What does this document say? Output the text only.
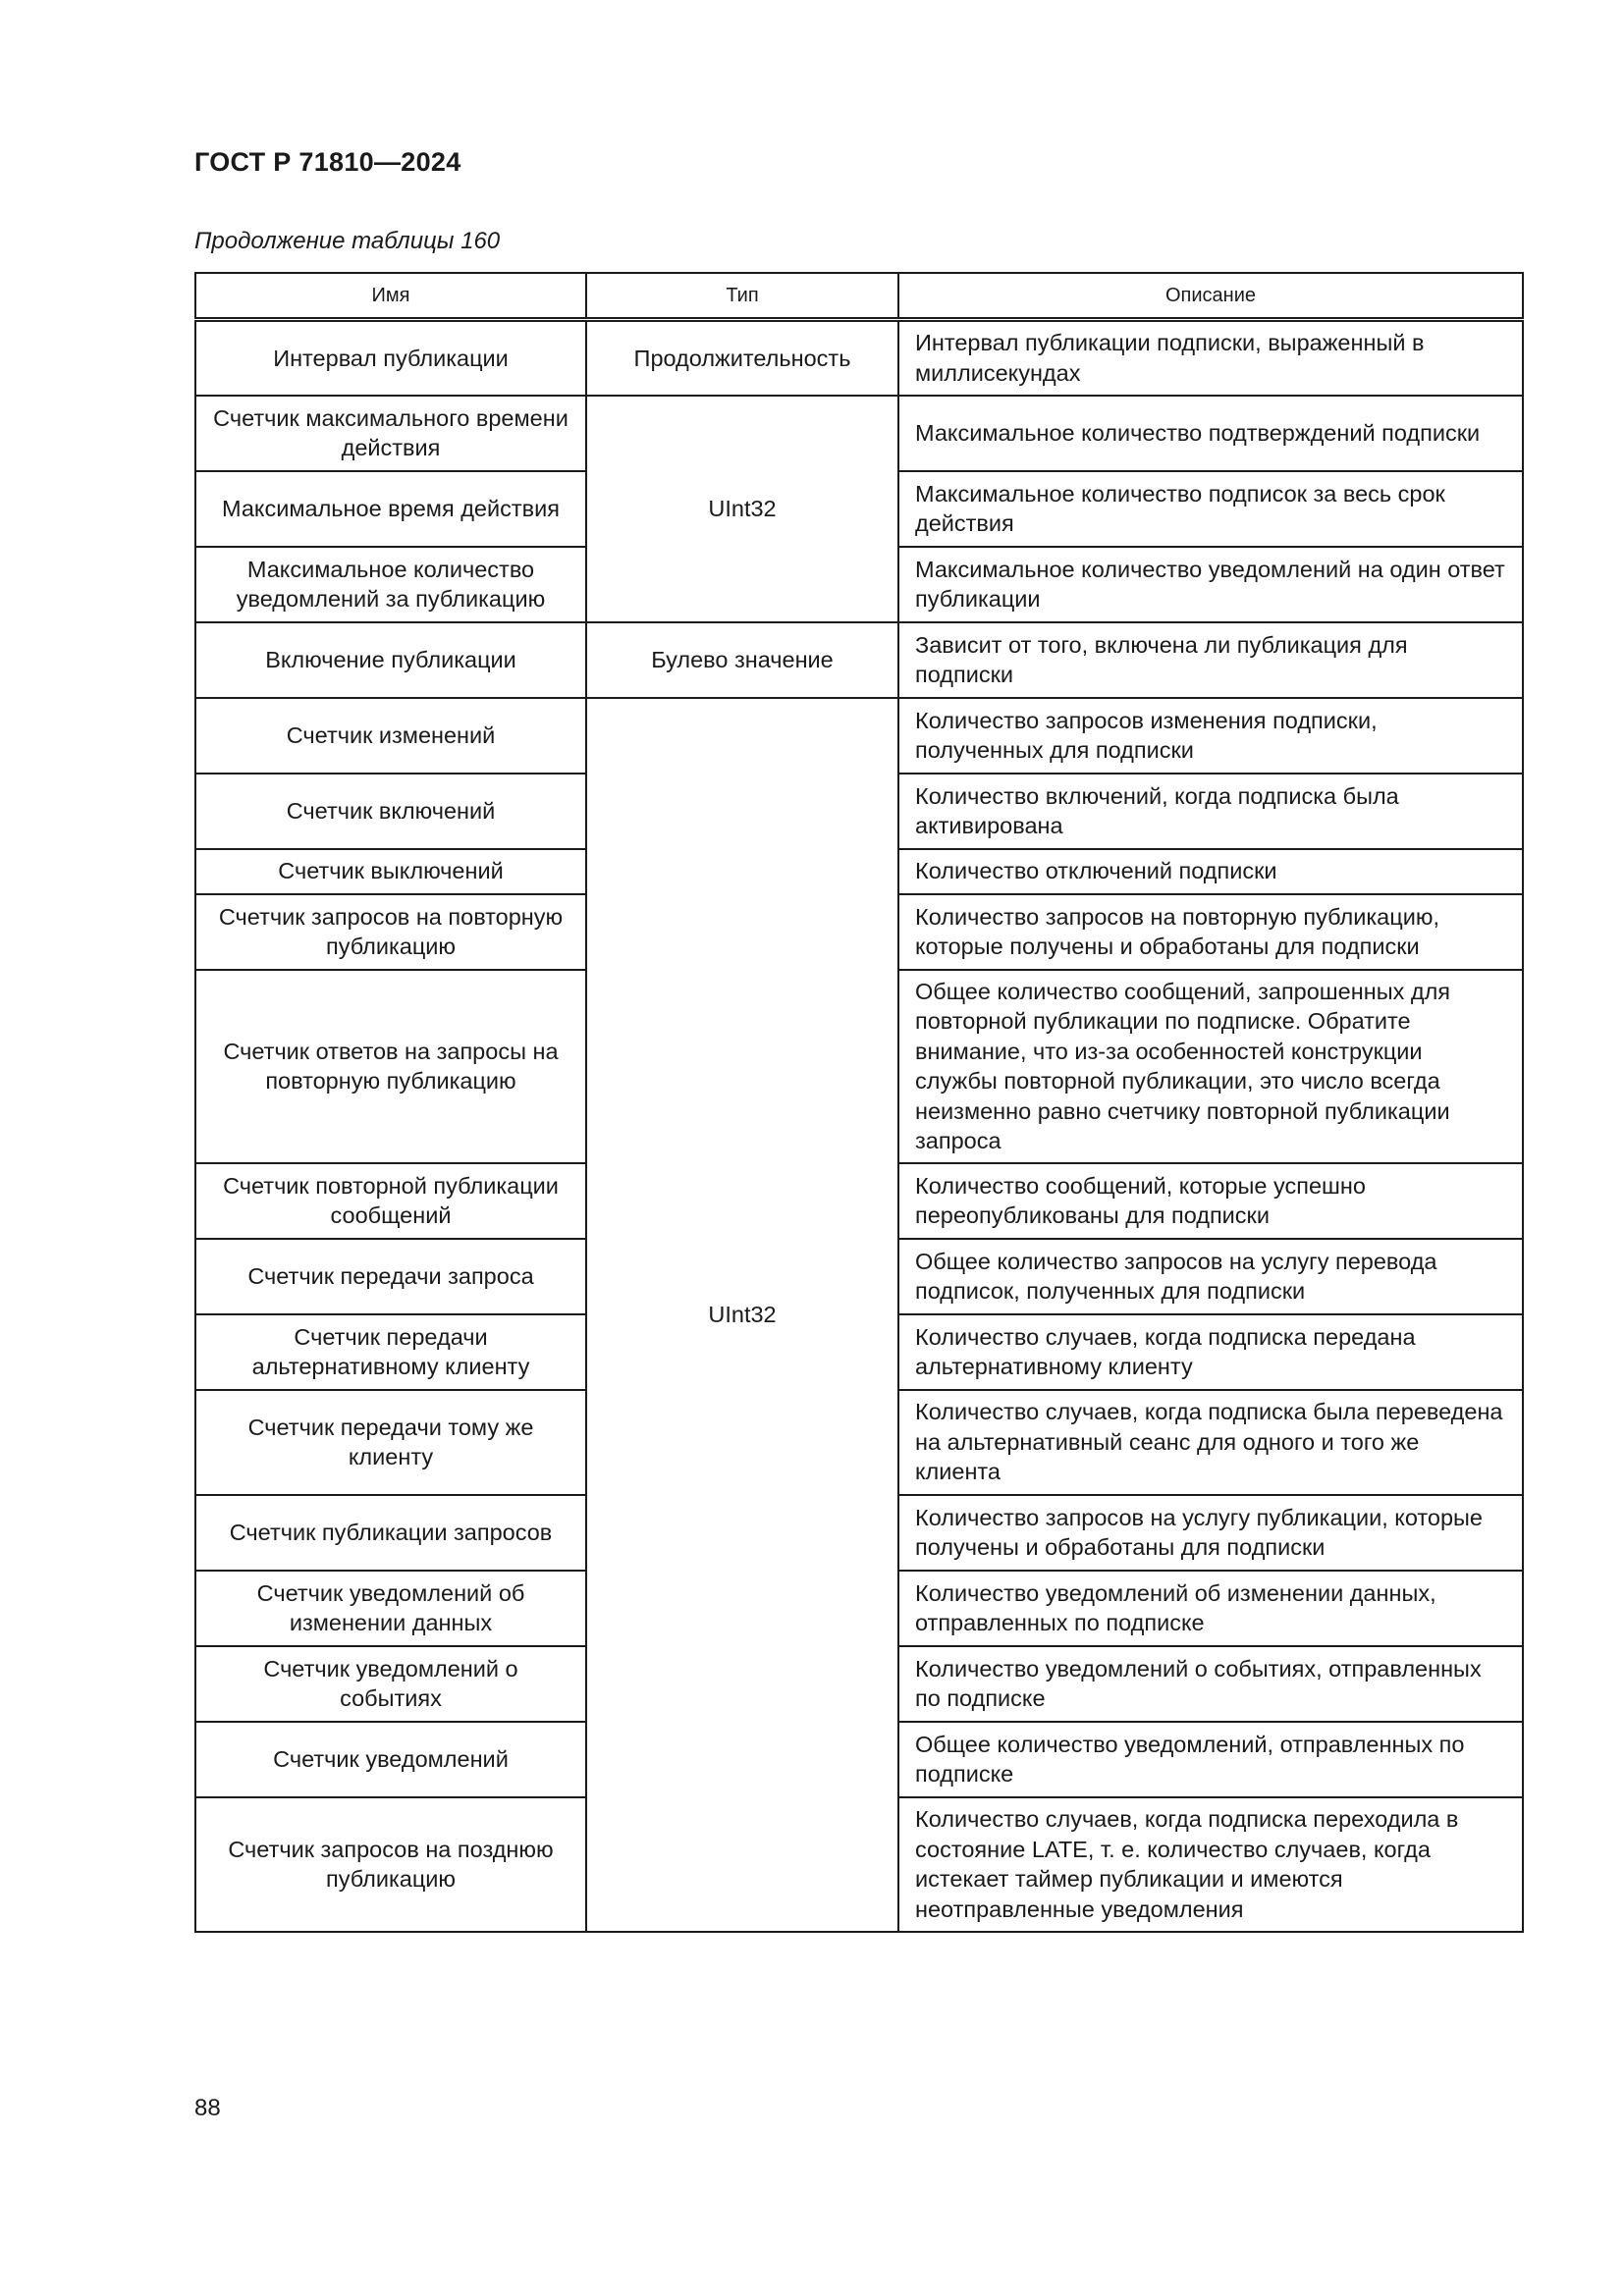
ГОСТ Р 71810—2024
Продолжение таблицы 160
Имя	Тип	Описание
Интервал публикации	Продолжительность	Интервал публикации подписки, выраженный в миллисекундах
Счетчик максимального времени действия	UInt32	Максимальное количество подтверждений подписки
Максимальное время действия		Максимальное количество подписок за весь срок действия
Максимальное количество уведомлений за публикацию		Максимальное количество уведомлений на один ответ публикации
Включение публикации	Булево значение	Зависит от того, включена ли публикация для подписки
Счетчик изменений	UInt32	Количество запросов изменения подписки, полученных для подписки
Счетчик включений		Количество включений, когда подписка была активирована
Счетчик выключений		Количество отключений подписки
Счетчик запросов на повторную публикацию		Количество запросов на повторную публикацию, которые получены и обработаны для подписки
Счетчик ответов на запросы на повторную публикацию		Общее количество сообщений, запрошенных для повторной публикации по подписке. Обратите внимание, что из-за особенностей конструкции службы повторной публикации, это число всегда неизменно равно счетчику повторной публикации запроса
Счетчик повторной публикации сообщений		Количество сообщений, которые успешно переопубликованы для подписки
Счетчик передачи запроса		Общее количество запросов на услугу перевода подписок, полученных для подписки
Счетчик передачи альтернативному клиенту		Количество случаев, когда подписка передана альтернативному клиенту
Счетчик передачи тому же клиенту		Количество случаев, когда подписка была переведена на альтернативный сеанс для одного и того же клиента
Счетчик публикации запросов		Количество запросов на услугу публикации, которые получены и обработаны для подписки
Счетчик уведомлений об изменении данных		Количество уведомлений об изменении данных, отправленных по подписке
Счетчик уведомлений о событиях		Количество уведомлений о событиях, отправленных по подписке
Счетчик уведомлений		Общее количество уведомлений, отправленных по подписке
Счетчик запросов на позднюю публикацию		Количество случаев, когда подписка переходила в состояние LATE, т. е. количество случаев, когда истекает таймер публикации и имеются неотправленные уведомления
88
